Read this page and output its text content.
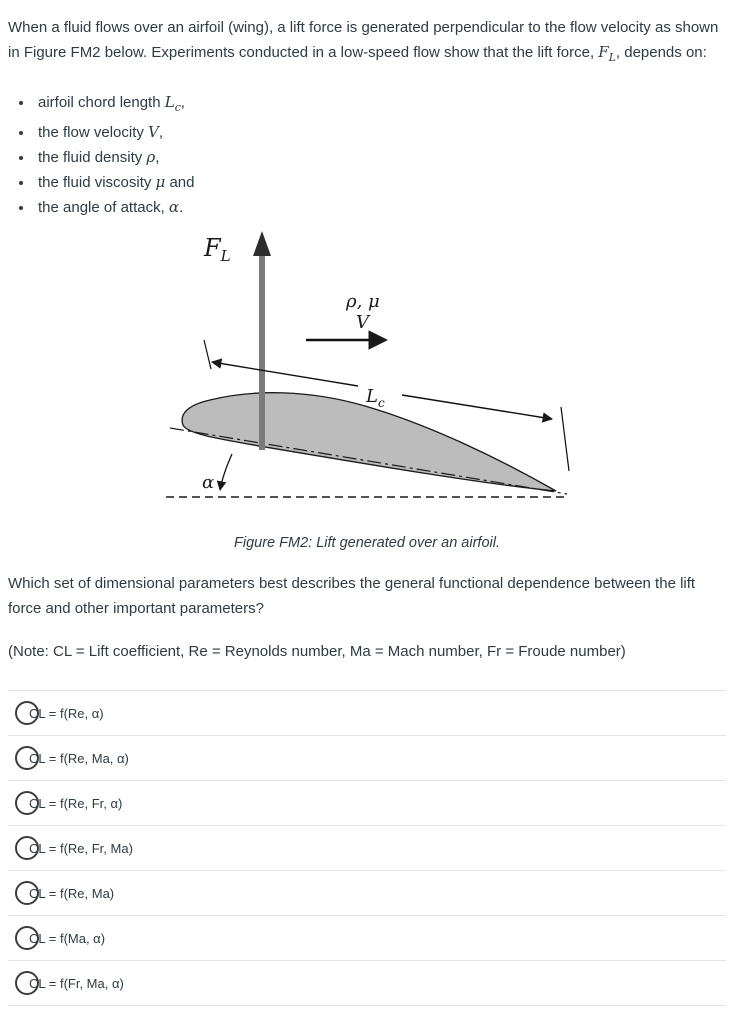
When a fluid flows over an airfoil (wing), a lift force is generated perpendicular to the flow velocity as shown in Figure FM2 below. Experiments conducted in a low-speed flow show that the lift force, $F_L$, depends on:

• airfoil chord length $L_c$,
• the flow velocity V,
• the fluid density ρ,
• the fluid viscosity μ and
• the angle of attack, α.
$F_L$
ρ, μ
V
$L_c$
α

Figure FM2: Lift generated over an airfoil.

Which set of dimensional parameters best describes the general functional dependence between the lift force and other important parameters?

(Note: CL = Lift coefficient, Re = Reynolds number, Ma = Mach number, Fr = Froude number)

CL = f(Re, α)
CL = f(Re, Ma, α)
CL = f(Re, Fr, α)
CL = f(Re, Fr, Ma)
CL = f(Re, Ma)
CL = f(Ma, α)
CL = f(Fr, Ma, α)
